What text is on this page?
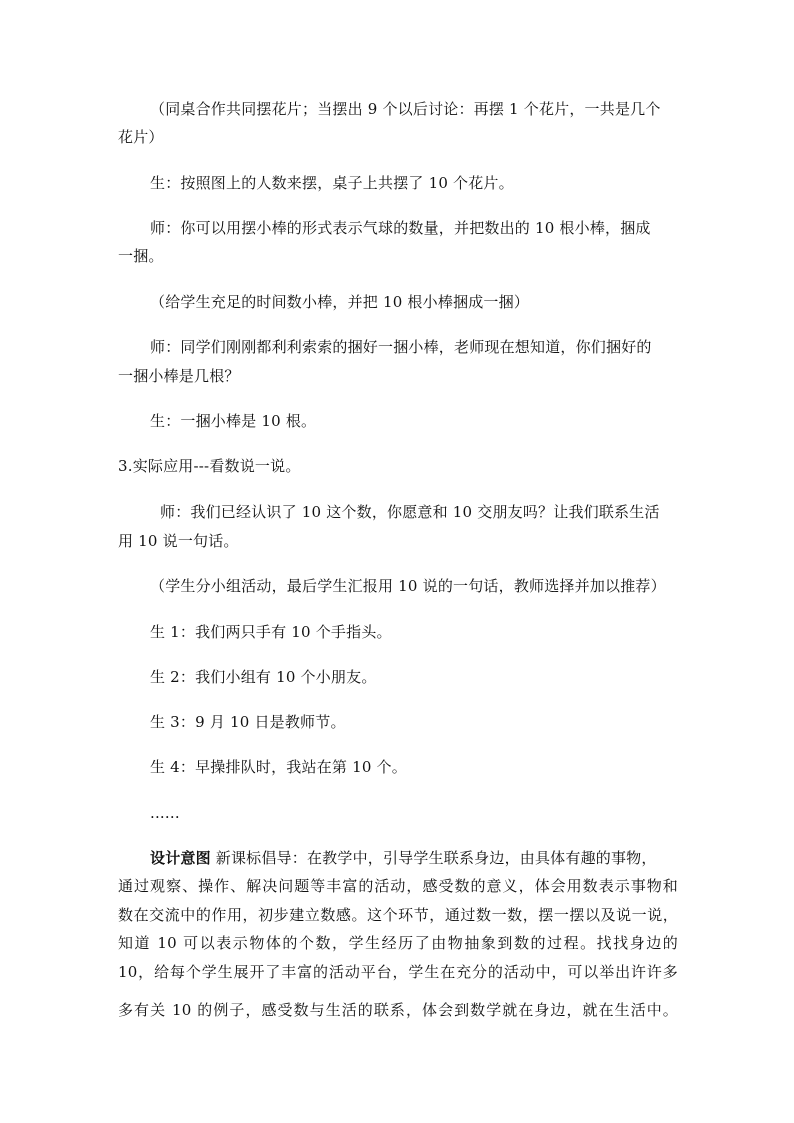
（同桌合作共同摆花片；当摆出 9 个以后讨论：再摆 1 个花片，一共是几个
花片）
生：按照图上的人数来摆，桌子上共摆了 10 个花片。
师：你可以用摆小棒的形式表示气球的数量，并把数出的 10 根小棒，捆成
一捆。
（给学生充足的时间数小棒，并把 10 根小棒捆成一捆）
师：同学们刚刚都利利索索的捆好一捆小棒，老师现在想知道，你们捆好的
一捆小棒是几根？
生：一捆小棒是 10 根。
3.实际应用---看数说一说。
师：我们已经认识了 10 这个数，你愿意和 10 交朋友吗？让我们联系生活
用 10 说一句话。
（学生分小组活动，最后学生汇报用 10 说的一句话，教师选择并加以推荐）
生 1：我们两只手有 10 个手指头。
生 2：我们小组有 10 个小朋友。
生 3：9 月 10 日是教师节。
生 4：早操排队时，我站在第 10 个。
......
设计意图 新课标倡导：在教学中，引导学生联系身边，由具体有趣的事物，
通过观察、操作、解决问题等丰富的活动，感受数的意义，体会用数表示事物和
数在交流中的作用，初步建立数感。这个环节，通过数一数，摆一摆以及说一说，
知道 10 可以表示物体的个数，学生经历了由物抽象到数的过程。找找身边的
10，给每个学生展开了丰富的活动平台，学生在充分的活动中，可以举出许许多
多有关 10 的例子，感受数与生活的联系，体会到数学就在身边，就在生活中。
